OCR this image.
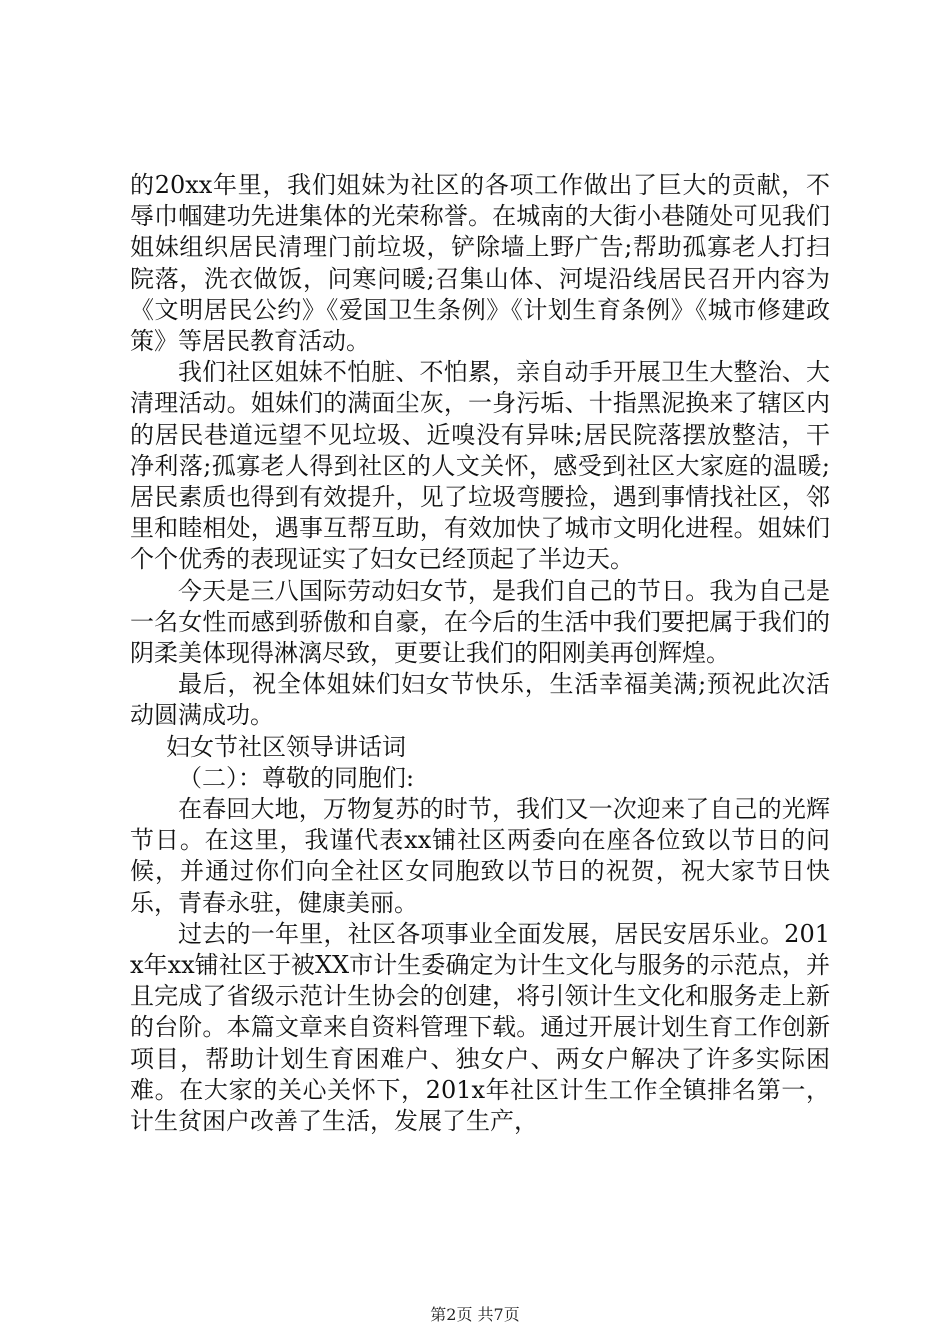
的20xx年里，我们姐妹为社区的各项工作做出了巨大的贡献，不辱巾帼建功先进集体的光荣称誉。在城南的大街小巷随处可见我们姐妹组织居民清理门前垃圾，铲除墙上野广告;帮助孤寡老人打扫院落，洗衣做饭，问寒问暖;召集山体、河堤沿线居民召开内容为《文明居民公约》《爱国卫生条例》《计划生育条例》《城市修建政策》等居民教育活动。

我们社区姐妹不怕脏、不怕累，亲自动手开展卫生大整治、大清理活动。姐妹们的满面尘灰，一身污垢、十指黑泥换来了辖区内的居民巷道远望不见垃圾、近嗅没有异味;居民院落摆放整洁，干净利落;孤寡老人得到社区的人文关怀，感受到社区大家庭的温暖;居民素质也得到有效提升，见了垃圾弯腰捡，遇到事情找社区，邻里和睦相处，遇事互帮互助，有效加快了城市文明化进程。姐妹们个个优秀的表现证实了妇女已经顶起了半边天。

今天是三八国际劳动妇女节，是我们自己的节日。我为自己是一名女性而感到骄傲和自豪，在今后的生活中我们要把属于我们的阴柔美体现得淋漓尽致，更要让我们的阳刚美再创辉煌。

最后，祝全体姐妹们妇女节快乐，生活幸福美满;预祝此次活动圆满成功。

妇女节社区领导讲话词

（二）：尊敬的同胞们:

在春回大地，万物复苏的时节，我们又一次迎来了自己的光辉节日。在这里，我谨代表xx铺社区两委向在座各位致以节日的问候，并通过你们向全社区女同胞致以节日的祝贺，祝大家节日快乐，青春永驻，健康美丽。

过去的一年里，社区各项事业全面发展，居民安居乐业。201x年xx铺社区于被XX市计生委确定为计生文化与服务的示范点，并且完成了省级示范计生协会的创建，将引领计生文化和服务走上新的台阶。本篇文章来自资料管理下载。通过开展计划生育工作创新项目，帮助计划生育困难户、独女户、两女户解决了许多实际困难。在大家的关心关怀下，201x年社区计生工作全镇排名第一，计生贫困户改善了生活，发展了生产，

第2页 共7页
